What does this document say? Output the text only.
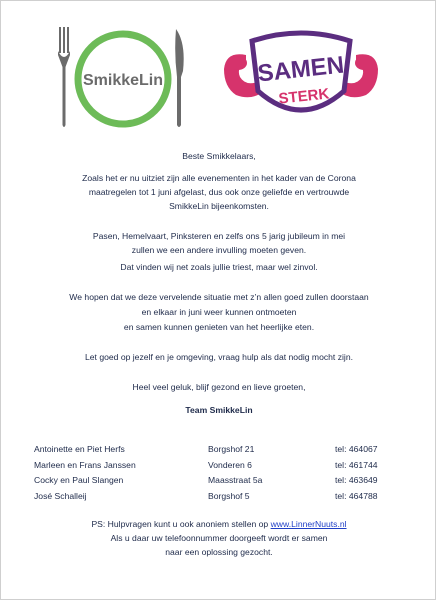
SmikkeLin	SAMEN
STERK
Beste Smikkelaars,
Zoals het er nu uitziet zijn alle evenementen in het kader van de Corona
maatregelen tot 1 juni afgelast, dus ook onze geliefde en vertrouwde
SmikkeLin bijeenkomsten.
Pasen, Hemelvaart, Pinksteren en zelfs ons 5 jarig jubileum in mei
zullen we een andere invulling moeten geven.
Dat vinden wij net zoals jullie triest, maar wel zinvol.
We hopen dat we deze vervelende situatie met z’n allen goed zullen doorstaan
en elkaar in juni weer kunnen ontmoeten
en samen kunnen genieten van het heerlijke eten.
Let goed op jezelf en je omgeving, vraag hulp als dat nodig mocht zijn.
Heel veel geluk, blijf gezond en lieve groeten,
Team SmikkeLin
Antoinette en Piet Herfs	Borgshof 21	tel: 464067
Marleen en Frans Janssen	Vonderen 6	tel: 461744
Cocky en Paul Slangen	Maasstraat 5a	tel: 463649
José Schalleij	Borgshof 5	tel: 464788
PS: Hulpvragen kunt u ook anoniem stellen op www.LinnerNuuts.nl
Als u daar uw telefoonnummer doorgeeft wordt er samen
naar een oplossing gezocht.
